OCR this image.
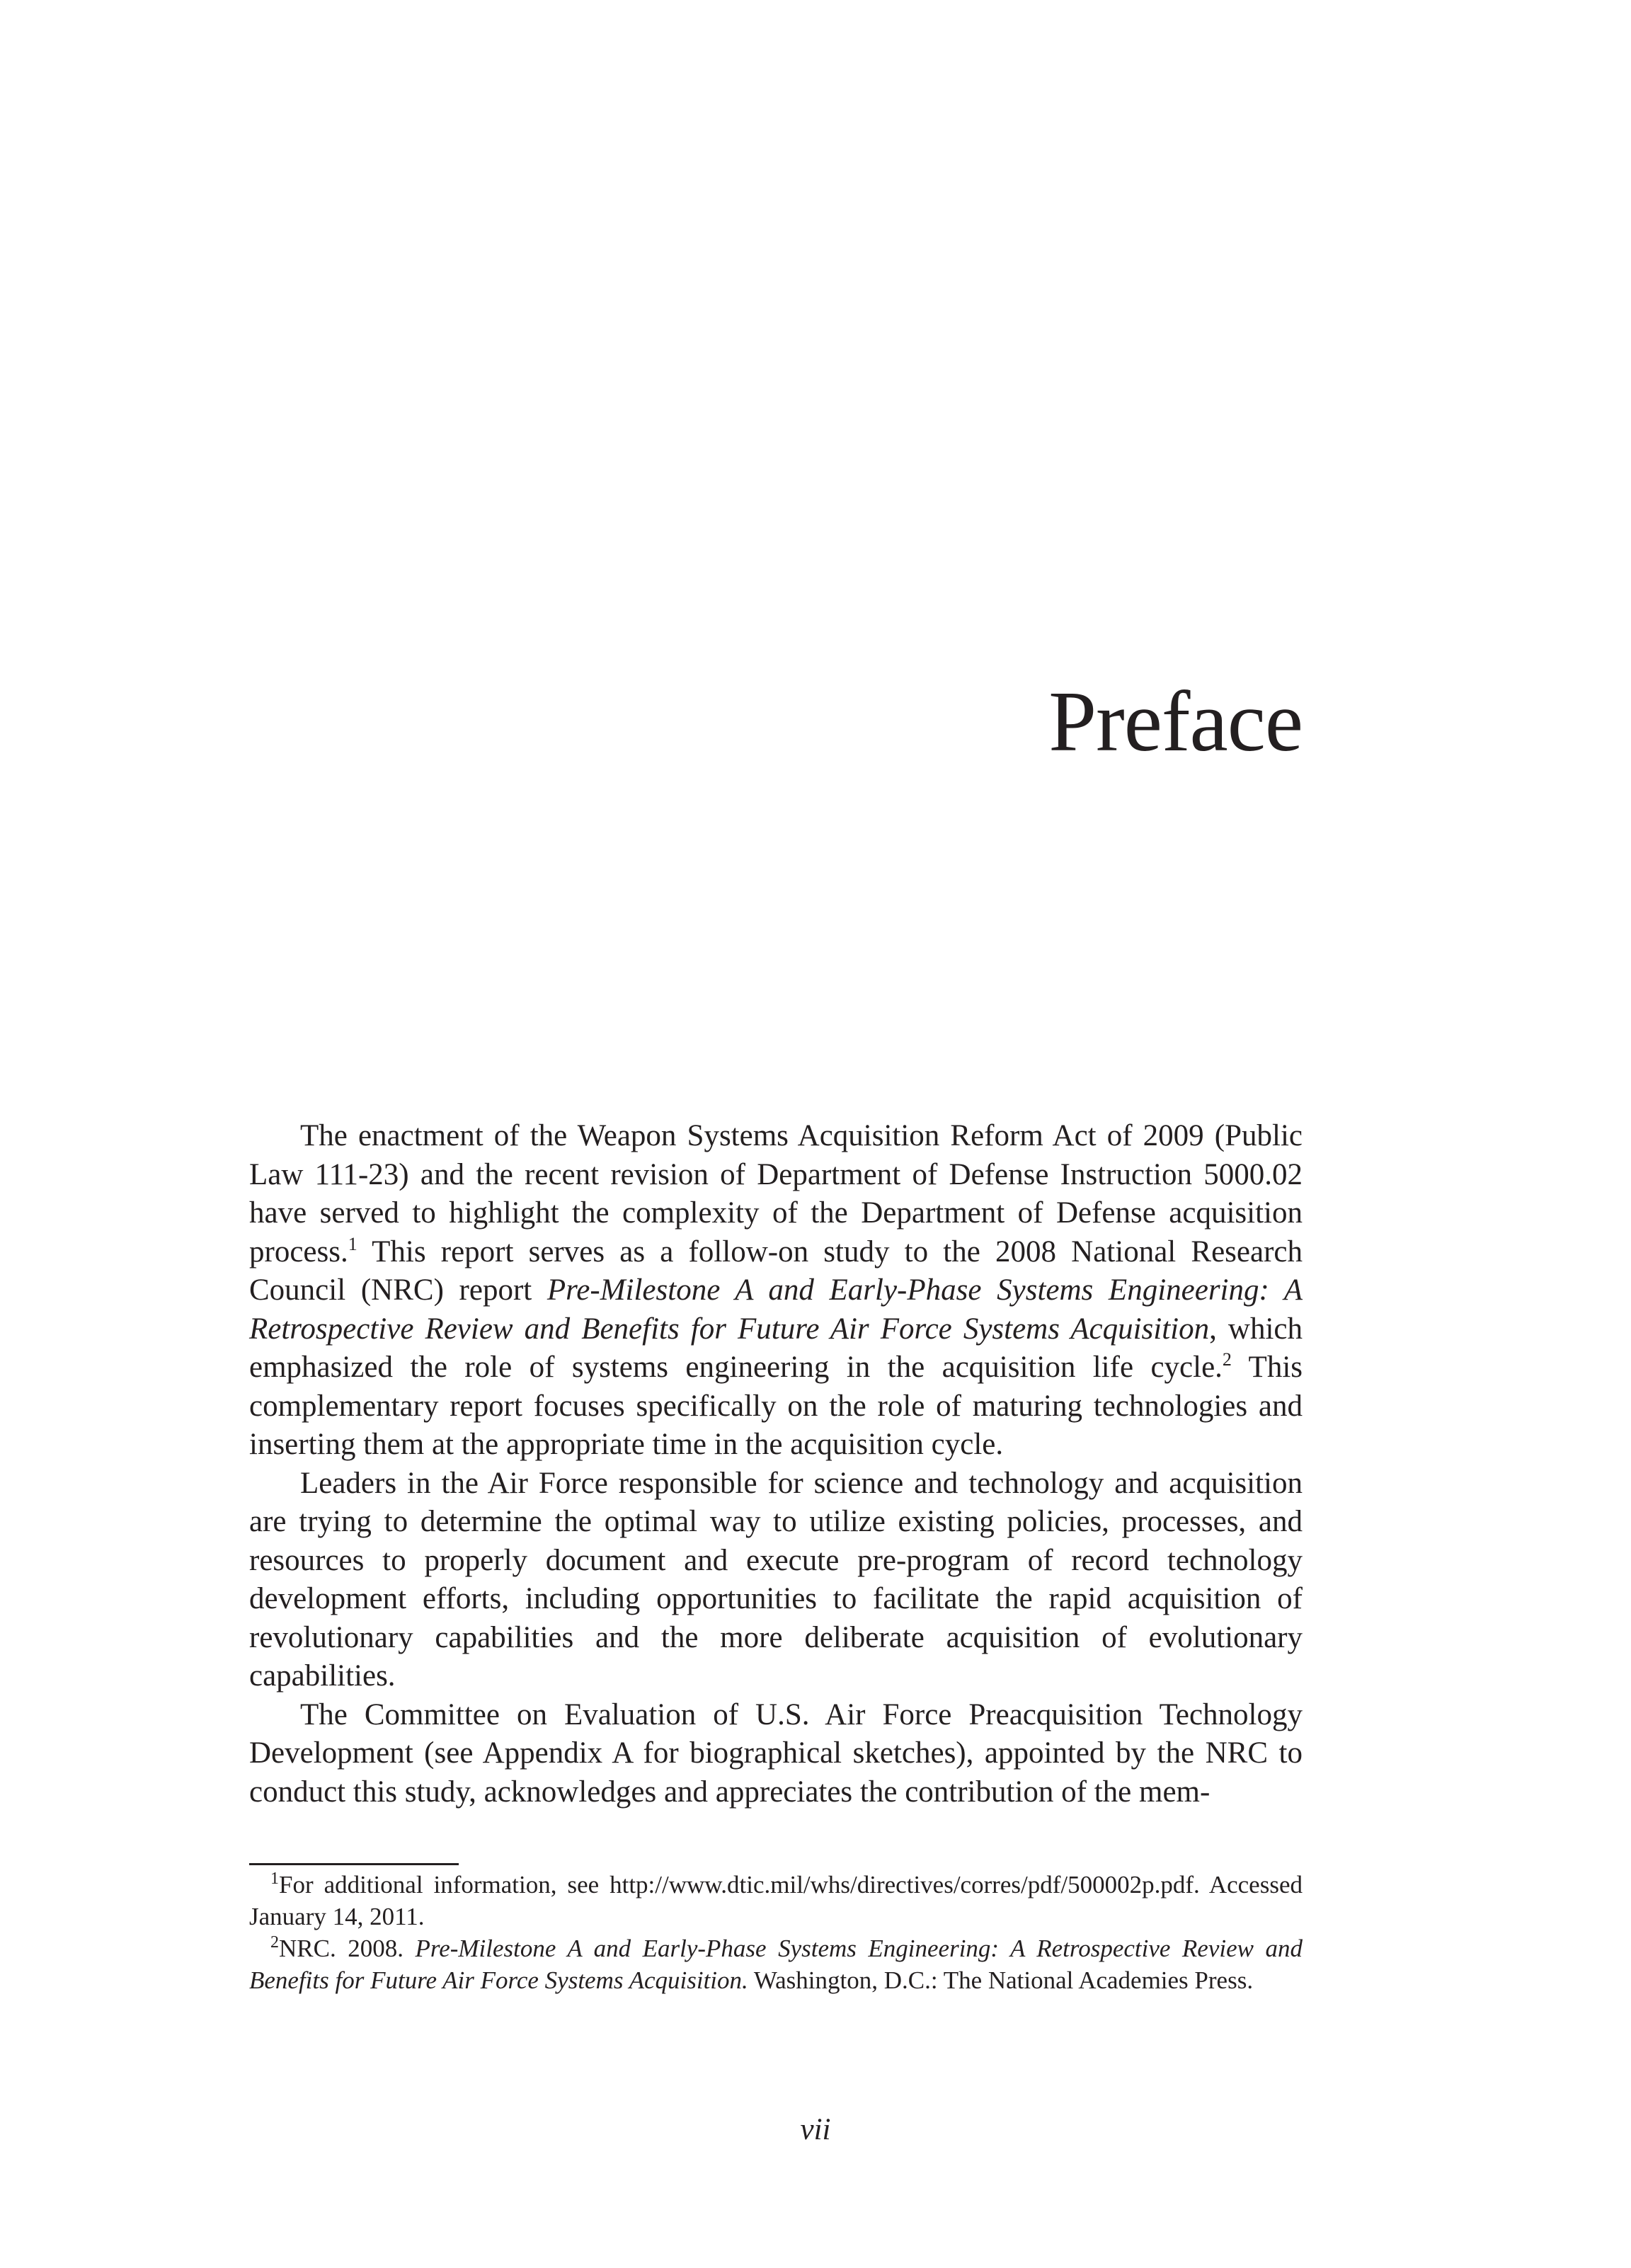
Preface

The enactment of the Weapon Systems Acquisition Reform Act of 2009 (Public Law 111-23) and the recent revision of Department of Defense Instruction 5000.02 have served to highlight the complexity of the Department of Defense acquisition process.$^1$ This report serves as a follow-on study to the 2008 National Research Council (NRC) report Pre-Milestone A and Early-Phase Systems Engineering: A Retrospective Review and Benefits for Future Air Force Systems Acquisition, which emphasized the role of systems engineering in the acquisition life cycle.$^2$ This complementary report focuses specifically on the role of maturing technologies and inserting them at the appropriate time in the acquisition cycle.

Leaders in the Air Force responsible for science and technology and acquisition are trying to determine the optimal way to utilize existing policies, processes, and resources to properly document and execute pre-program of record technology development efforts, including opportunities to facilitate the rapid acquisition of revolutionary capabilities and the more deliberate acquisition of evolutionary capabilities.

The Committee on Evaluation of U.S. Air Force Preacquisition Technology Development (see Appendix A for biographical sketches), appointed by the NRC to conduct this study, acknowledges and appreciates the contribution of the mem-

$^1$For additional information, see http://www.dtic.mil/whs/directives/corres/pdf/500002p.pdf. Accessed January 14, 2011.

$^2$NRC. 2008. Pre-Milestone A and Early-Phase Systems Engineering: A Retrospective Review and Benefits for Future Air Force Systems Acquisition. Washington, D.C.: The National Academies Press.

vii
